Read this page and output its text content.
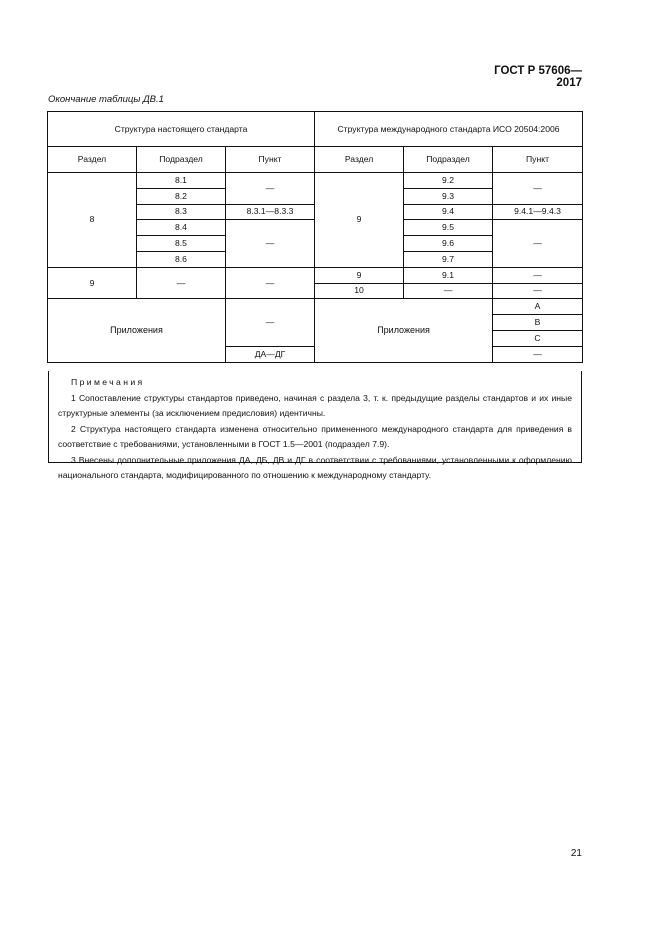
ГОСТ Р 57606—2017
Окончание таблицы ДВ.1
Структура настоящего стандарта			Структура международного стандарта ИСО 20504:2006		
Раздел	Подраздел	Пункт	Раздел	Подраздел	Пункт
8	8.1	—	9	9.2	—
	8.2			9.3	
	8.3	8.3.1—8.3.3		9.4	9.4.1—9.4.3
	8.4	—		9.5	—
	8.5			9.6	
	8.6			9.7	
9	—	—	9	9.1	—
			10	—	—
Приложения		—	Приложения		A
					B
					C
		ДА—ДГ			—
Примечания
1 Сопоставление структуры стандартов приведено, начиная с раздела 3, т. к. предыдущие разделы стандартов и их иные структурные элементы (за исключением предисловия) идентичны.
2 Структура настоящего стандарта изменена относительно примененного международного стандарта для приведения в соответствие с требованиями, установленными в ГОСТ 1.5—2001 (подраздел 7.9).
3 Внесены дополнительные приложения ДА, ДБ, ДВ и ДГ в соответствии с требованиями, установленными к оформлению национального стандарта, модифицированного по отношению к международному стандарту.
21
